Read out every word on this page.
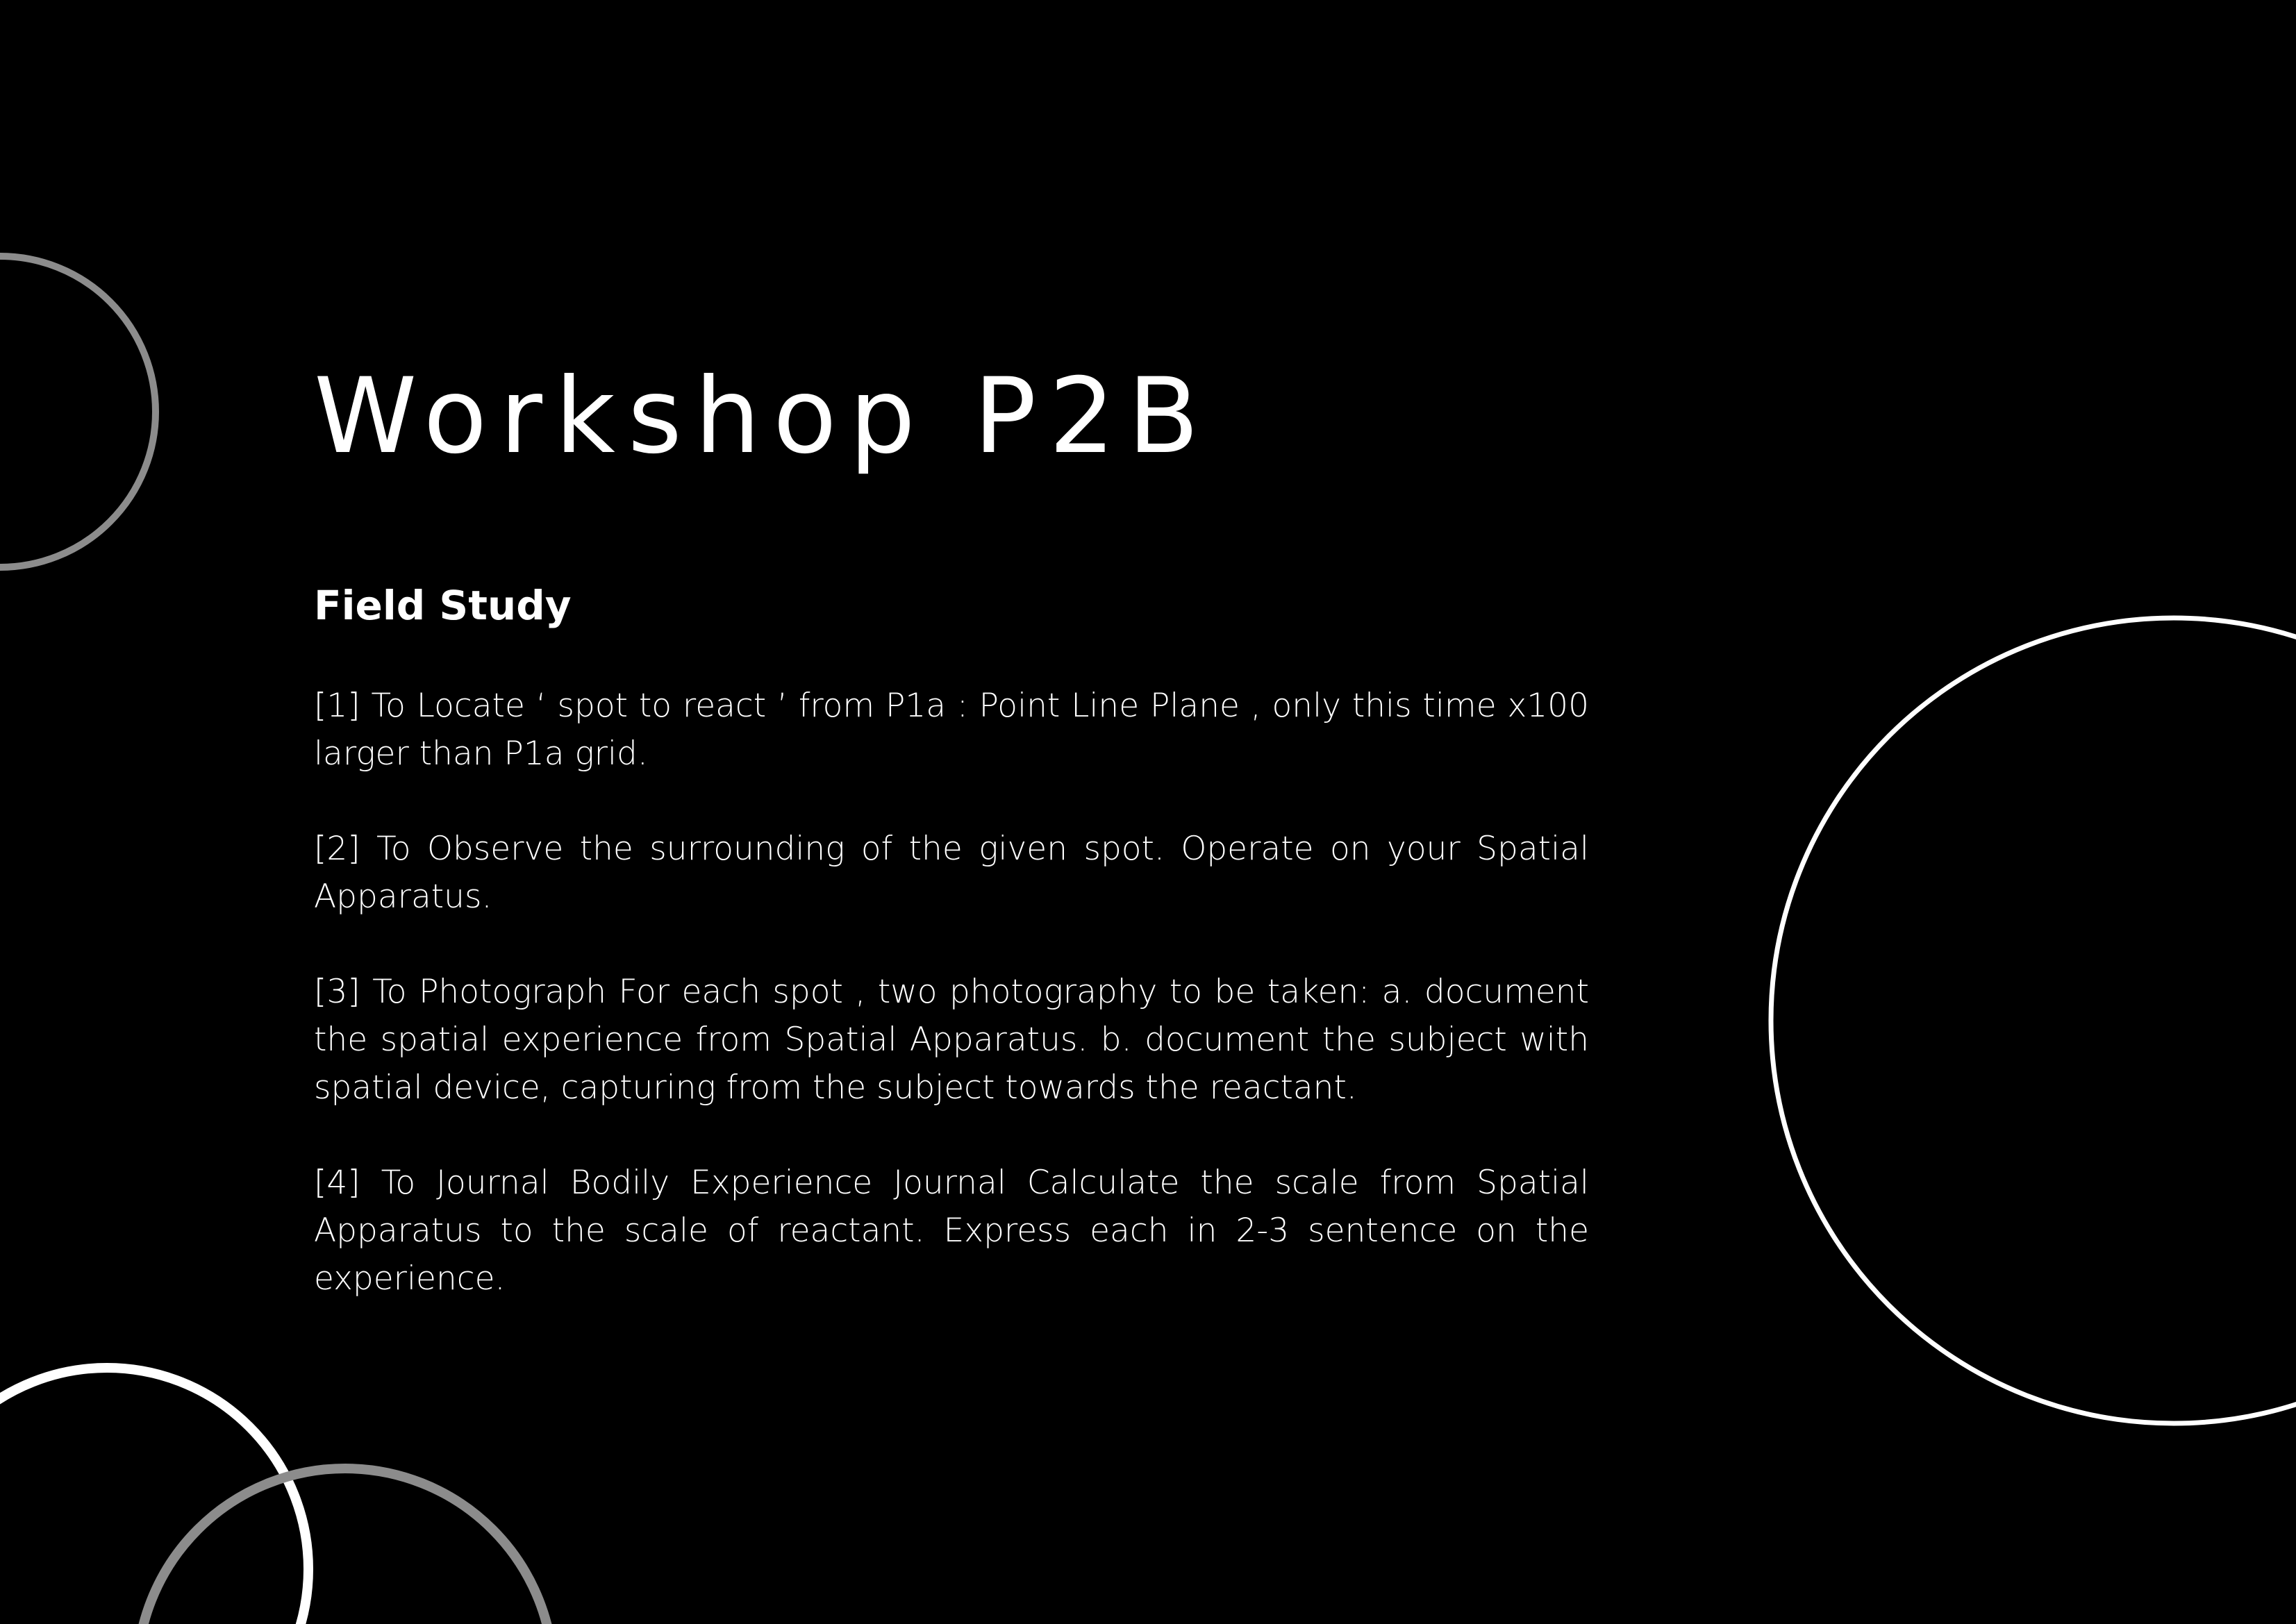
Workshop P2B
Field Study

[1] To Locate ‘ spot to react ’ from P1a : Point Line Plane , only this time x100 larger than P1a grid.

[2] To Observe the surrounding of the given spot. Operate on your Spatial Apparatus.

[3] To Photograph For each spot , two photography to be taken: a. document the spatial experience from Spatial Apparatus. b. document the subject with spatial device, capturing from the subject towards the reactant.

[4] To Journal Bodily Experience Journal Calculate the scale from Spatial Apparatus to the scale of reactant. Express each in 2-3 sentence on the experience.
